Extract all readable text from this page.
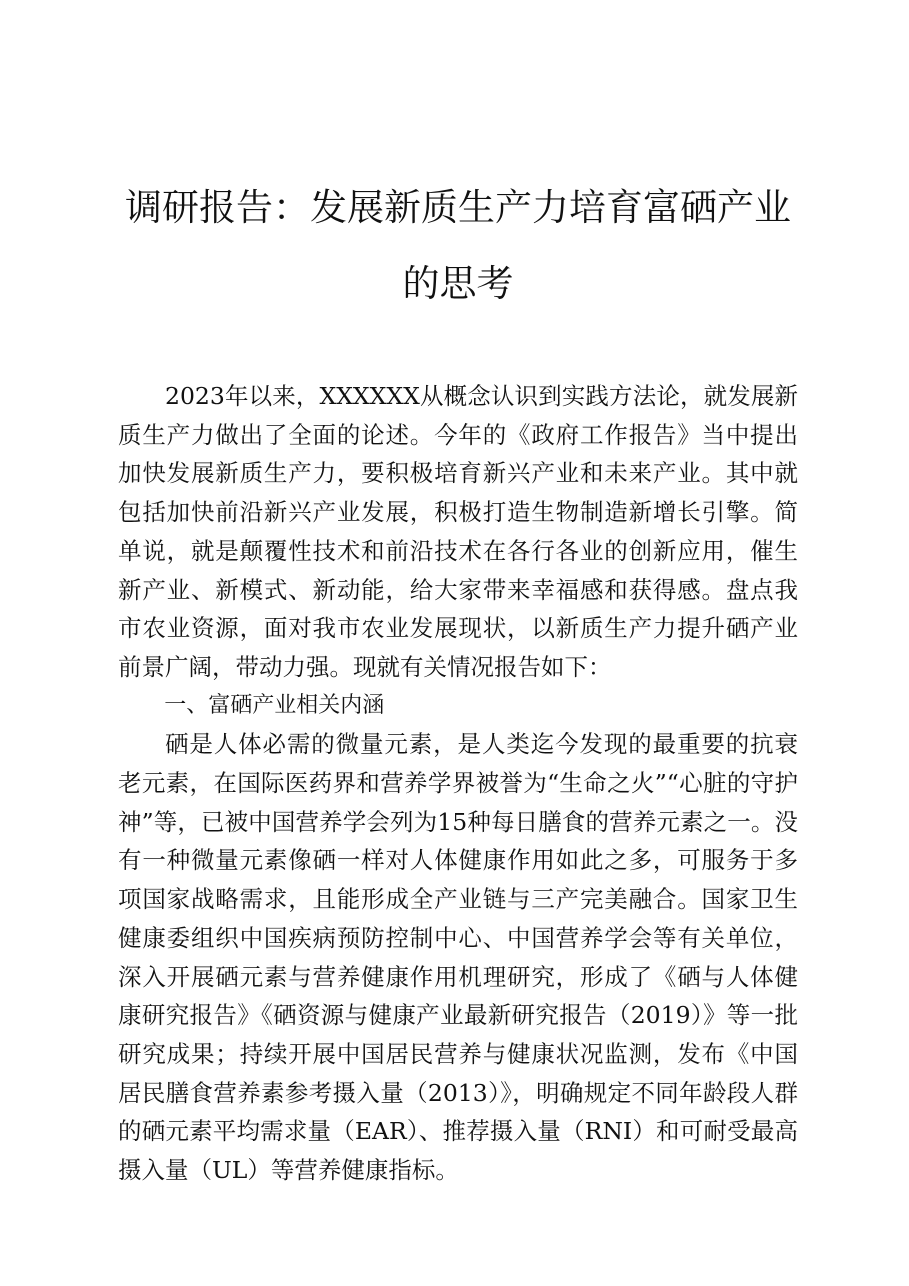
调研报告：发展新质生产力培育富硒产业的思考

2023年以来，XXXXXX从概念认识到实践方法论，就发展新质生产力做出了全面的论述。今年的《政府工作报告》当中提出加快发展新质生产力，要积极培育新兴产业和未来产业。其中就包括加快前沿新兴产业发展，积极打造生物制造新增长引擎。简单说，就是颠覆性技术和前沿技术在各行各业的创新应用，催生新产业、新模式、新动能，给大家带来幸福感和获得感。盘点我市农业资源，面对我市农业发展现状，以新质生产力提升硒产业前景广阔，带动力强。现就有关情况报告如下：

一、富硒产业相关内涵

硒是人体必需的微量元素，是人类迄今发现的最重要的抗衰老元素，在国际医药界和营养学界被誉为“生命之火”“心脏的守护神”等，已被中国营养学会列为15种每日膳食的营养元素之一。没有一种微量元素像硒一样对人体健康作用如此之多，可服务于多项国家战略需求，且能形成全产业链与三产完美融合。国家卫生健康委组织中国疾病预防控制中心、中国营养学会等有关单位，深入开展硒元素与营养健康作用机理研究，形成了《硒与人体健康研究报告》《硒资源与健康产业最新研究报告（2019）》等一批研究成果；持续开展中国居民营养与健康状况监测，发布《中国居民膳食营养素参考摄入量（2013）》，明确规定不同年龄段人群的硒元素平均需求量（EAR）、推荐摄入量（RNI）和可耐受最高摄入量（UL）等营养健康指标。
